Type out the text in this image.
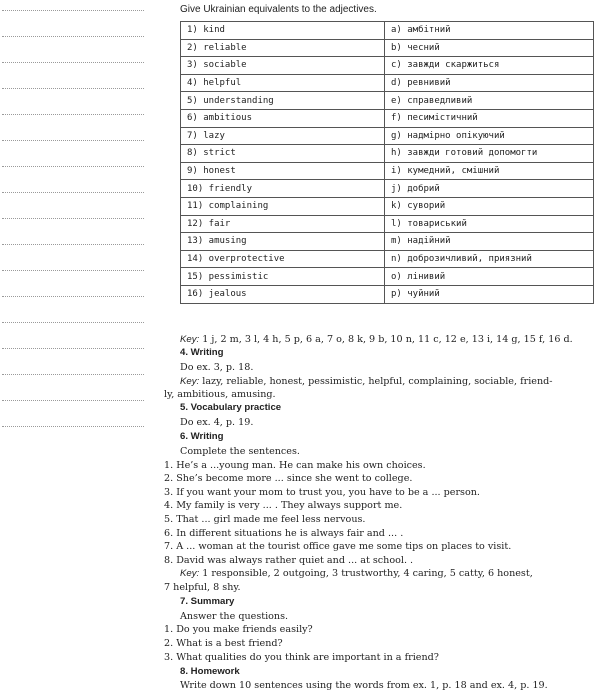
Give Ukrainian equivalents to the adjectives.
1) kind	a) амбітний
2) reliable	b) чесний
3) sociable	c) завжди скаржиться
4) helpful	d) ревнивий
5) understanding	e) справедливий
6) ambitious	f) песимістичний
7) lazy	g) надмірно опікуючий
8) strict	h) завжди готовий допомогти
9) honest	i) кумедний, смішний
10) friendly	j) добрий
11) complaining	k) суворий
12) fair	l) товариський
13) amusing	m) надійний
14) overprotective	n) доброзичливий, приязний
15) pessimistic	o) лінивий
16) jealous	p) чуйний
Key: 1 j, 2 m, 3 l, 4 h, 5 p, 6 a, 7 o, 8 k, 9 b, 10 n, 11 c, 12 e, 13 i, 14 g, 15 f, 16 d.
4. Writing
Do ex. 3, p. 18.
Key: lazy, reliable, honest, pessimistic, helpful, complaining, sociable, friend-
ly, ambitious, amusing.
5. Vocabulary practice
Do ex. 4, p. 19.
6. Writing
Complete the sentences.
1. He’s a ...young man. He can make his own choices.
2. She’s become more ... since she went to college.
3. If you want your mom to trust you, you have to be a ... person.
4. My family is very ... . They always support me.
5. That ... girl made me feel less nervous.
6. In different situations he is always fair and ... .
7. A ... woman at the tourist office gave me some tips on places to visit.
8. David was always rather quiet and ... at school. .
Key: 1 responsible, 2 outgoing, 3 trustworthy, 4 caring, 5 catty, 6 honest,
7 helpful, 8 shy.
7. Summary
Answer the questions.
1. Do you make friends easily?
2. What is a best friend?
3. What qualities do you think are important in a friend?
8. Homework
Write down 10 sentences using the words from ex. 1, p. 18 and ex. 4, p. 19.
